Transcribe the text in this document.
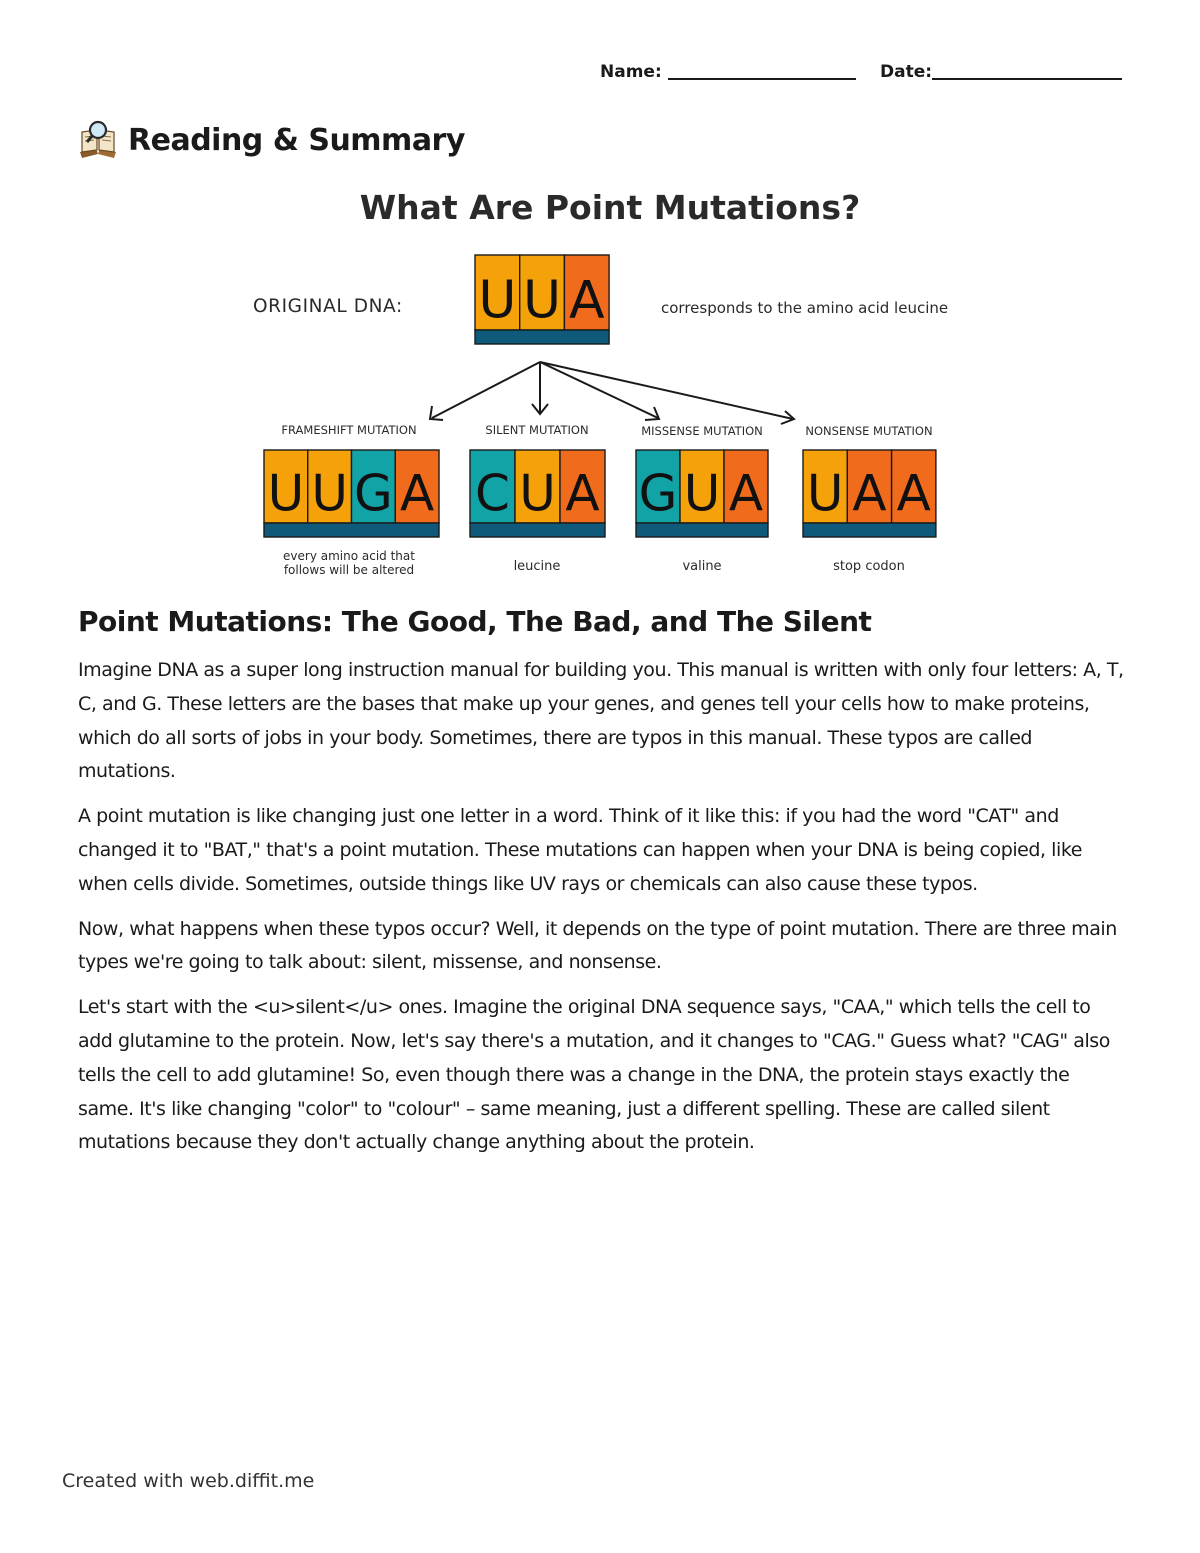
Name:	Date:
Reading & Summary
What Are Point Mutations?
ORIGINAL DNA: U U A	corresponds to the amino acid leucine
FRAMESHIFT MUTATION
U U G A
every amino acid that
follows will be altered
SILENT MUTATION
C U A
leucine
MISSENSE MUTATION
G U A
valine
NONSENSE MUTATION
U A A
stop codon
Point Mutations: The Good, The Bad, and The Silent

Imagine DNA as a super long instruction manual for building you. This manual is written with only four letters: A, T, C, and G. These letters are the bases that make up your genes, and genes tell your cells how to make proteins, which do all sorts of jobs in your body. Sometimes, there are typos in this manual. These typos are called mutations.

A point mutation is like changing just one letter in a word. Think of it like this: if you had the word "CAT" and changed it to "BAT," that's a point mutation. These mutations can happen when your DNA is being copied, like when cells divide. Sometimes, outside things like UV rays or chemicals can also cause these typos.

Now, what happens when these typos occur? Well, it depends on the type of point mutation. There are three main types we're going to talk about: silent, missense, and nonsense.

Let's start with the <u>silent</u> ones. Imagine the original DNA sequence says, "CAA," which tells the cell to add glutamine to the protein. Now, let's say there's a mutation, and it changes to "CAG." Guess what? "CAG" also tells the cell to add glutamine! So, even though there was a change in the DNA, the protein stays exactly the same. It's like changing "color" to "colour" – same meaning, just a different spelling. These are called silent mutations because they don't actually change anything about the protein.

Created with web.diffit.me
